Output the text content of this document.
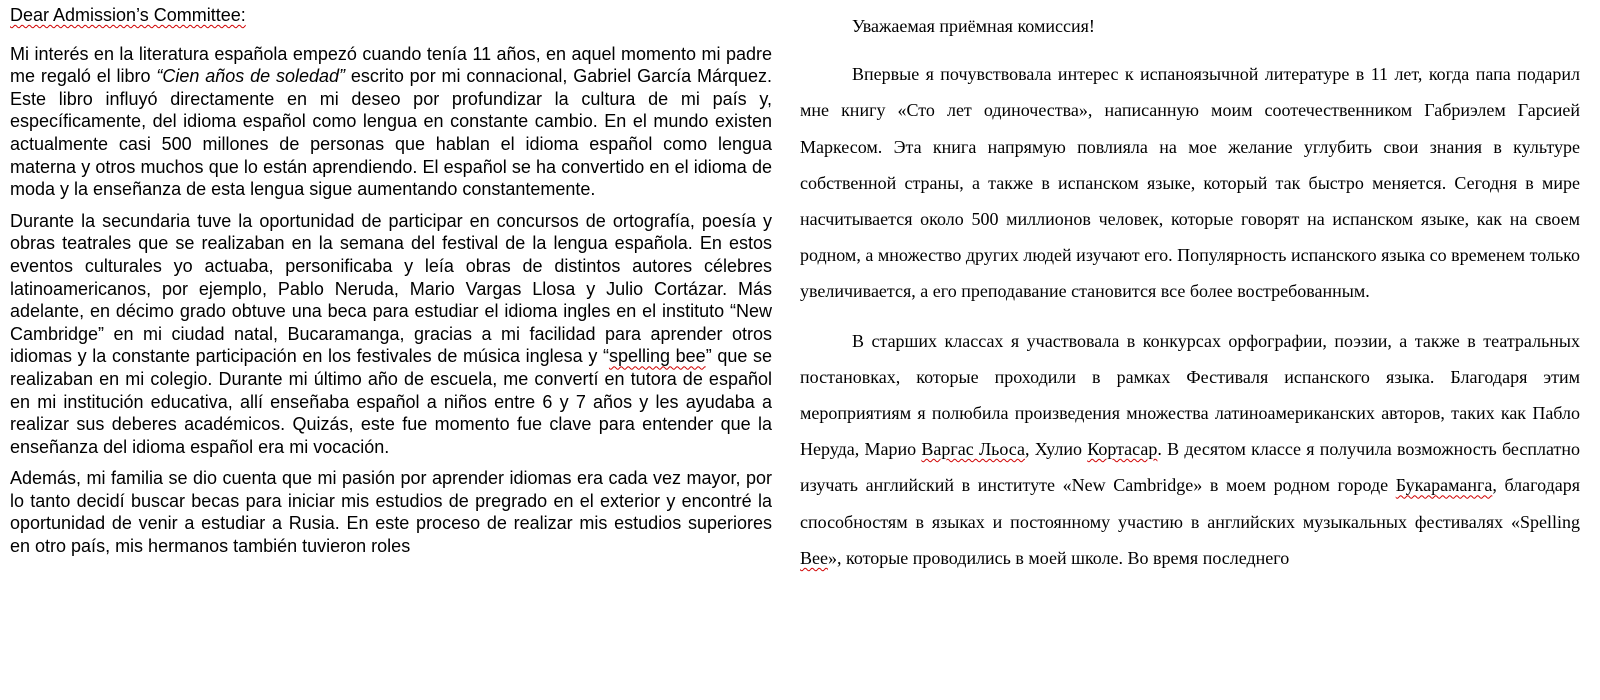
Dear Admission’s Committee:

Mi interés en la literatura española empezó cuando tenía 11 años, en aquel momento mi padre me regaló el libro “Cien años de soledad” escrito por mi connacional, Gabriel García Márquez. Este libro influyó directamente en mi deseo por profundizar la cultura de mi país y, específicamente, del idioma español como lengua en constante cambio. En el mundo existen actualmente casi 500 millones de personas que hablan el idioma español como lengua materna y otros muchos que lo están aprendiendo. El español se ha convertido en el idioma de moda y la enseñanza de esta lengua sigue aumentando constantemente.

Durante la secundaria tuve la oportunidad de participar en concursos de ortografía, poesía y obras teatrales que se realizaban en la semana del festival de la lengua española. En estos eventos culturales yo actuaba, personificaba y leía obras de distintos autores célebres latinoamericanos, por ejemplo, Pablo Neruda, Mario Vargas Llosa y Julio Cortázar. Más adelante, en décimo grado obtuve una beca para estudiar el idioma ingles en el instituto “New Cambridge” en mi ciudad natal, Bucaramanga, gracias a mi facilidad para aprender otros idiomas y la constante participación en los festivales de música inglesa y “spelling bee” que se realizaban en mi colegio. Durante mi último año de escuela, me convertí en tutora de español en mi institución educativa, allí enseñaba español a niños entre 6 y 7 años y les ayudaba a realizar sus deberes académicos. Quizás, este fue momento fue clave para entender que la enseñanza del idioma español era mi vocación.

Además, mi familia se dio cuenta que mi pasión por aprender idiomas era cada vez mayor, por lo tanto decidí buscar becas para iniciar mis estudios de pregrado en el exterior y encontré la oportunidad de venir a estudiar a Rusia. En este proceso de realizar mis estudios superiores en otro país, mis hermanos también tuvieron roles

Уважаемая приёмная комиссия!

Впервые я почувствовала интерес к испаноязычной литературе в 11 лет, когда папа подарил мне книгу «Сто лет одиночества», написанную моим соотечественником Габриэлем Гарсией Маркесом. Эта книга напрямую повлияла на мое желание углубить свои знания в культуре собственной страны, а также в испанском языке, который так быстро меняется. Сегодня в мире насчитывается около 500 миллионов человек, которые говорят на испанском языке, как на своем родном, а множество других людей изучают его. Популярность испанского языка со временем только увеличивается, а его преподавание становится все более востребованным.

В старших классах я участвовала в конкурсах орфографии, поэзии, а также в театральных постановках, которые проходили в рамках Фестиваля испанского языка. Благодаря этим мероприятиям я полюбила произведения множества латиноамериканских авторов, таких как Пабло Неруда, Марио Варгас Льоса, Хулио Кортасар. В десятом классе я получила возможность бесплатно изучать английский в институте «New Cambridge» в моем родном городе Букараманга, благодаря способностям в языках и постоянному участию в английских музыкальных фестивалях «Spelling Bee», которые проводились в моей школе. Во время последнего
